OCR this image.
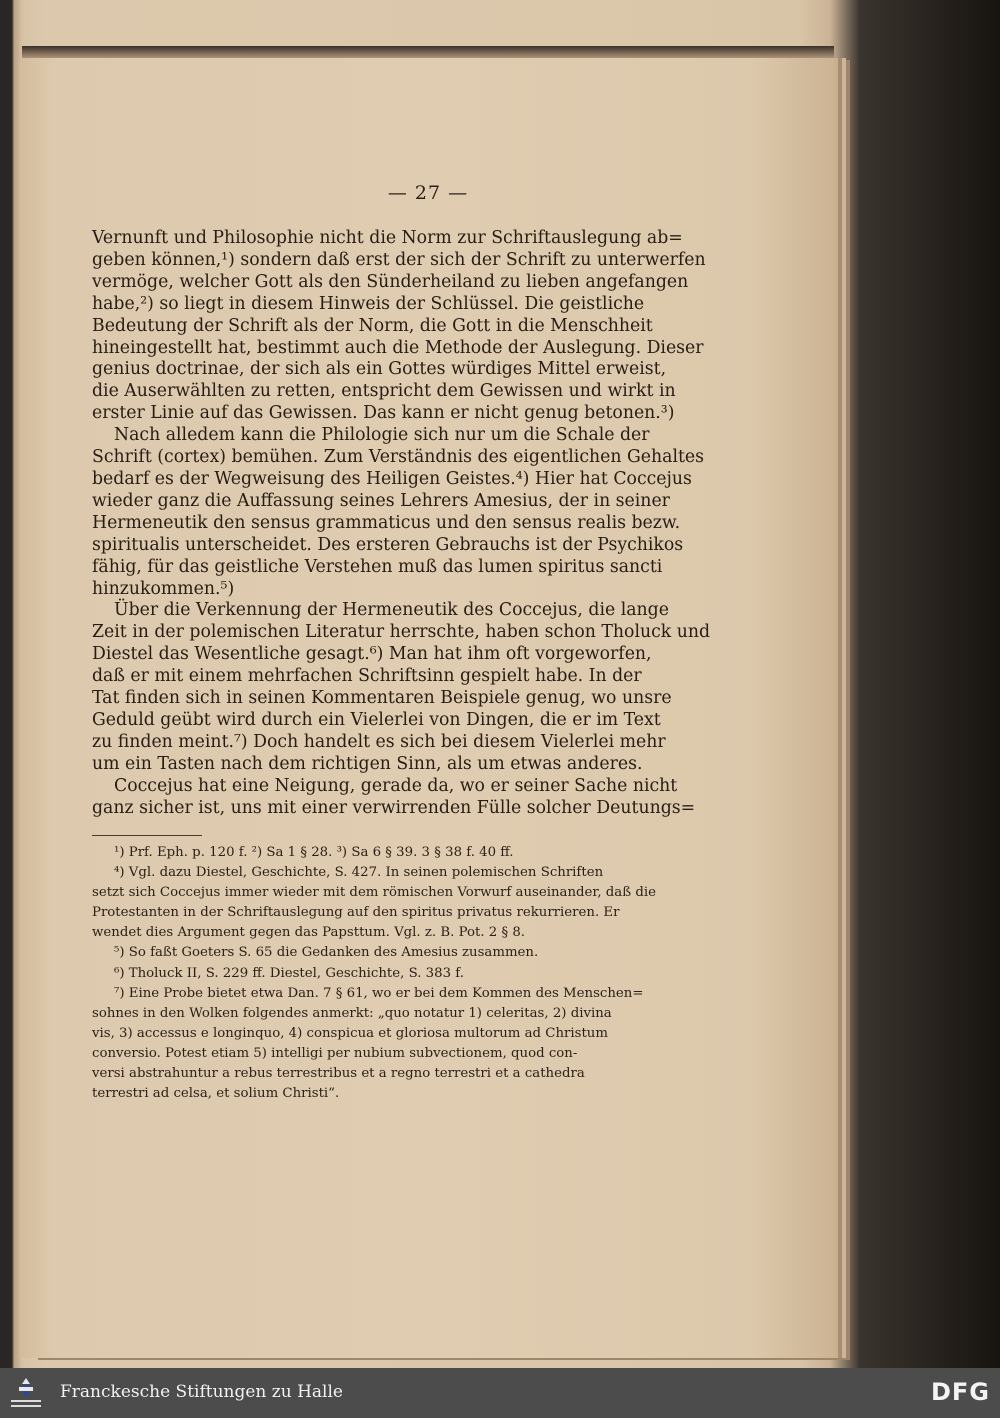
— 27 —

Vernunft und Philosophie nicht die Norm zur Schriftauslegung ab=
geben können,¹) sondern daß erst der sich der Schrift zu unterwerfen
vermöge, welcher Gott als den Sünderheiland zu lieben angefangen
habe,²) so liegt in diesem Hinweis der Schlüssel. Die geistliche
Bedeutung der Schrift als der Norm, die Gott in die Menschheit
hineingestellt hat, bestimmt auch die Methode der Auslegung. Dieser
genius doctrinae, der sich als ein Gottes würdiges Mittel erweist,
die Auserwählten zu retten, entspricht dem Gewissen und wirkt in
erster Linie auf das Gewissen. Das kann er nicht genug betonen.³)

Nach alledem kann die Philologie sich nur um die Schale der
Schrift (cortex) bemühen. Zum Verständnis des eigentlichen Gehaltes
bedarf es der Wegweisung des Heiligen Geistes.⁴) Hier hat Coccejus
wieder ganz die Auffassung seines Lehrers Amesius, der in seiner
Hermeneutik den sensus grammaticus und den sensus realis bezw.
spiritualis unterscheidet. Des ersteren Gebrauchs ist der Psychikos
fähig, für das geistliche Verstehen muß das lumen spiritus sancti
hinzukommen.⁵)

Über die Verkennung der Hermeneutik des Coccejus, die lange
Zeit in der polemischen Literatur herrschte, haben schon Tholuck und
Diestel das Wesentliche gesagt.⁶) Man hat ihm oft vorgeworfen,
daß er mit einem mehrfachen Schriftsinn gespielt habe. In der
Tat finden sich in seinen Kommentaren Beispiele genug, wo unsre
Geduld geübt wird durch ein Vielerlei von Dingen, die er im Text
zu finden meint.⁷) Doch handelt es sich bei diesem Vielerlei mehr
um ein Tasten nach dem richtigen Sinn, als um etwas anderes.

Coccejus hat eine Neigung, gerade da, wo er seiner Sache nicht
ganz sicher ist, uns mit einer verwirrenden Fülle solcher Deutungs=

¹) Prf. Eph. p. 120 f. ²) Sa 1 § 28. ³) Sa 6 § 39. 3 § 38 f. 40 ff.
⁴) Vgl. dazu Diestel, Geschichte, S. 427. In seinen polemischen Schriften
setzt sich Coccejus immer wieder mit dem römischen Vorwurf auseinander, daß die
Protestanten in der Schriftauslegung auf den spiritus privatus rekurrieren. Er
wendet dies Argument gegen das Papsttum. Vgl. z. B. Pot. 2 § 8.
⁵) So faßt Goeters S. 65 die Gedanken des Amesius zusammen.
⁶) Tholuck II, S. 229 ff. Diestel, Geschichte, S. 383 f.
⁷) Eine Probe bietet etwa Dan. 7 § 61, wo er bei dem Kommen des Menschen=
sohnes in den Wolken folgendes anmerkt: „quo notatur 1) celeritas, 2) divina
vis, 3) accessus e longinquo, 4) conspicua et gloriosa multorum ad Christum
conversio. Potest etiam 5) intelligi per nubium subvectionem, quod con-
versi abstrahuntur a rebus terrestribus et a regno terrestri et a cathedra
terrestri ad celsa, et solium Christi“.
Franckesche Stiftungen zu Halle	DFG
